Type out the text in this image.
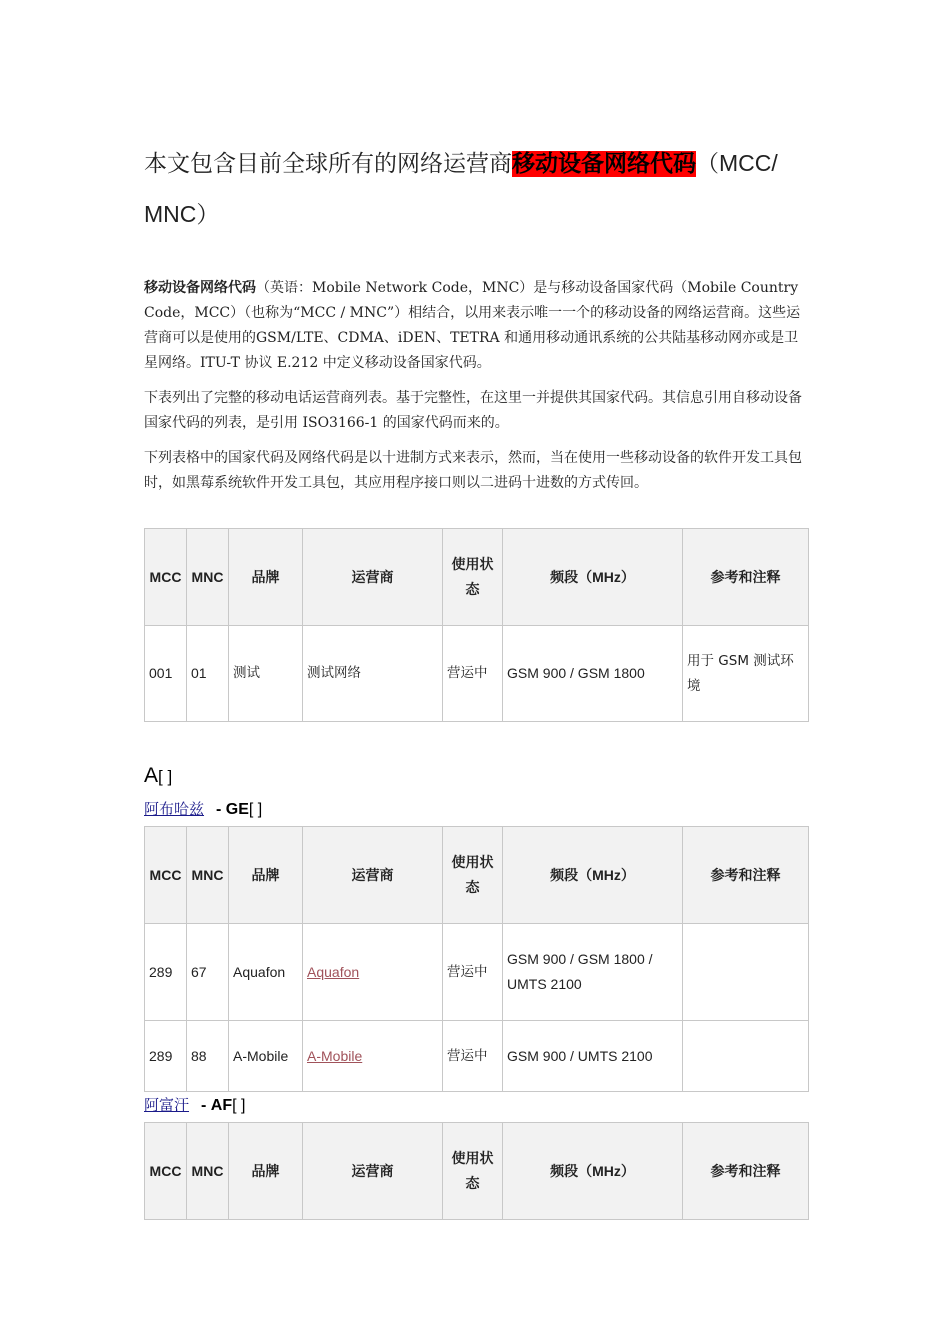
本文包含目前全球所有的网络运营商移动设备网络代码（MCC/
MNC）

移动设备网络代码（英语：Mobile Network Code，MNC）是与移动设备国家代码（Mobile Country Code，MCC）（也称为“MCC / MNC”）相结合，以用来表示唯一一个的移动设备的网络运营商。这些运营商可以是使用的GSM/LTE、CDMA、iDEN、TETRA 和通用移动通讯系统的公共陆基移动网亦或是卫星网络。ITU-T 协议 E.212 中定义移动设备国家代码。

下表列出了完整的移动电话运营商列表。基于完整性，在这里一并提供其国家代码。其信息引用自移动设备国家代码的列表，是引用 ISO3166-1 的国家代码而来的。

下列表格中的国家代码及网络代码是以十进制方式来表示，然而，当在使用一些移动设备的软件开发工具包时，如黑莓系统软件开发工具包，其应用程序接口则以二进码十进数的方式传回。

MCC	MNC	品牌	运营商	使用状态	频段（MHz）	参考和注释
001	01	测试	测试网络	营运中	GSM 900 / GSM 1800	用于 GSM 测试环境
A[ ]
阿布哈兹 - GE[ ]
MCC	MNC	品牌	运营商	使用状态	频段（MHz）	参考和注释
289	67	Aquafon	Aquafon	营运中	GSM 900 / GSM 1800 / UMTS 2100	
289	88	A-Mobile	A-Mobile	营运中	GSM 900 / UMTS 2100	
阿富汗 - AF[ ]
MCC	MNC	品牌	运营商	使用状态	频段（MHz）	参考和注释
